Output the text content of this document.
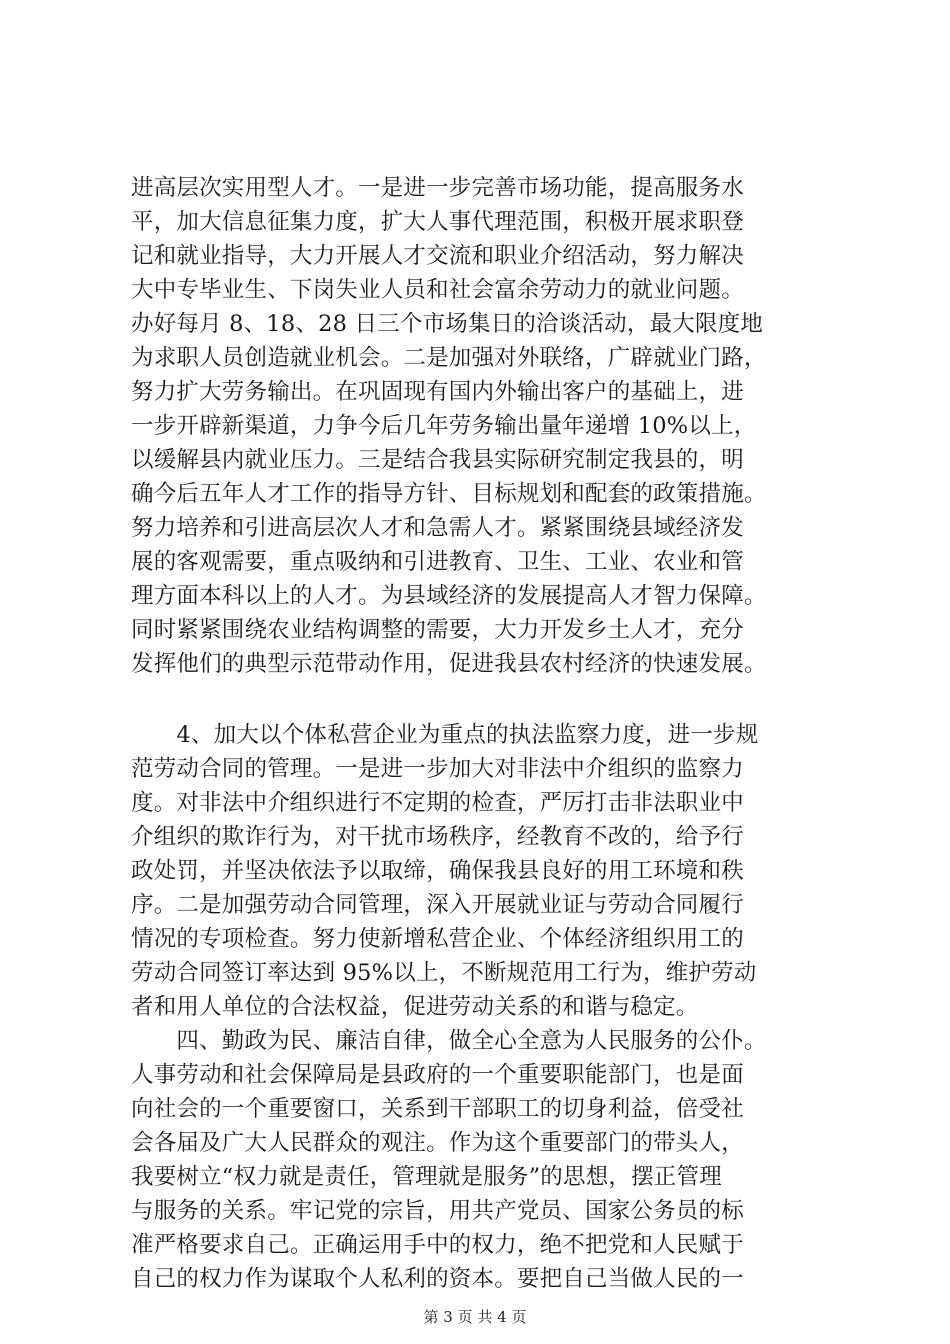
进高层次实用型人才。一是进一步完善市场功能，提高服务水
平，加大信息征集力度，扩大人事代理范围，积极开展求职登
记和就业指导，大力开展人才交流和职业介绍活动，努力解决
大中专毕业生、下岗失业人员和社会富余劳动力的就业问题。
办好每月 8、18、28 日三个市场集日的洽谈活动，最大限度地
为求职人员创造就业机会。二是加强对外联络，广辟就业门路，
努力扩大劳务输出。在巩固现有国内外输出客户的基础上，进
一步开辟新渠道，力争今后几年劳务输出量年递增 10%以上，
以缓解县内就业压力。三是结合我县实际研究制定我县的，明
确今后五年人才工作的指导方针、目标规划和配套的政策措施。
努力培养和引进高层次人才和急需人才。紧紧围绕县域经济发
展的客观需要，重点吸纳和引进教育、卫生、工业、农业和管
理方面本科以上的人才。为县域经济的发展提高人才智力保障。
同时紧紧围绕农业结构调整的需要，大力开发乡土人才，充分
发挥他们的典型示范带动作用，促进我县农村经济的快速发展。
　　4、加大以个体私营企业为重点的执法监察力度，进一步规
范劳动合同的管理。一是进一步加大对非法中介组织的监察力
度。对非法中介组织进行不定期的检查，严厉打击非法职业中
介组织的欺诈行为，对干扰市场秩序，经教育不改的，给予行
政处罚，并坚决依法予以取缔，确保我县良好的用工环境和秩
序。二是加强劳动合同管理，深入开展就业证与劳动合同履行
情况的专项检查。努力使新增私营企业、个体经济组织用工的
劳动合同签订率达到 95%以上，不断规范用工行为，维护劳动
者和用人单位的合法权益，促进劳动关系的和谐与稳定。
　　四、勤政为民、廉洁自律，做全心全意为人民服务的公仆。
人事劳动和社会保障局是县政府的一个重要职能部门，也是面
向社会的一个重要窗口，关系到干部职工的切身利益，倍受社
会各届及广大人民群众的观注。作为这个重要部门的带头人，
我要树立“权力就是责任，管理就是服务”的思想，摆正管理
与服务的关系。牢记党的宗旨，用共产党员、国家公务员的标
准严格要求自己。正确运用手中的权力，绝不把党和人民赋于
自己的权力作为谋取个人私利的资本。要把自己当做人民的一
第 3 页 共 4 页
